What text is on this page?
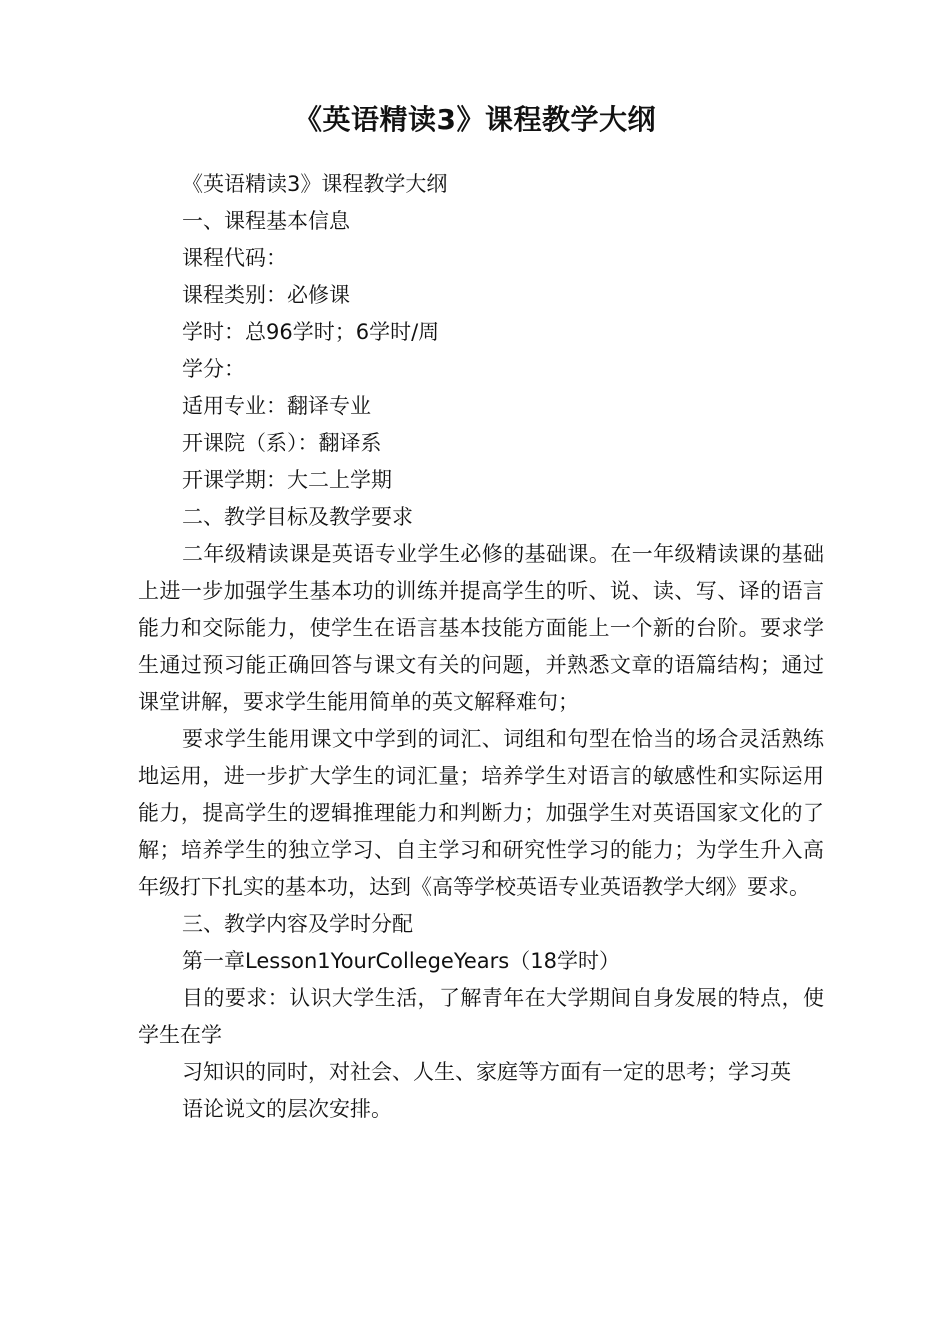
《英语精读3》课程教学大纲

《英语精读3》课程教学大纲

一、课程基本信息

课程代码：

课程类别：必修课

学时：总96学时；6学时/周

学分：

适用专业：翻译专业

开课院（系）：翻译系

开课学期：大二上学期

二、教学目标及教学要求

二年级精读课是英语专业学生必修的基础课。在一年级精读课的基础上进一步加强学生基本功的训练并提高学生的听、说、读、写、译的语言能力和交际能力，使学生在语言基本技能方面能上一个新的台阶。要求学生通过预习能正确回答与课文有关的问题，并熟悉文章的语篇结构；通过课堂讲解，要求学生能用简单的英文解释难句；

要求学生能用课文中学到的词汇、词组和句型在恰当的场合灵活熟练地运用，进一步扩大学生的词汇量；培养学生对语言的敏感性和实际运用能力，提高学生的逻辑推理能力和判断力；加强学生对英语国家文化的了解；培养学生的独立学习、自主学习和研究性学习的能力；为学生升入高年级打下扎实的基本功，达到《高等学校英语专业英语教学大纲》要求。

三、教学内容及学时分配

第一章Lesson1YourCollegeYears（18学时）

目的要求：认识大学生活，了解青年在大学期间自身发展的特点，使学生在学

习知识的同时，对社会、人生、家庭等方面有一定的思考；学习英

语论说文的层次安排。
